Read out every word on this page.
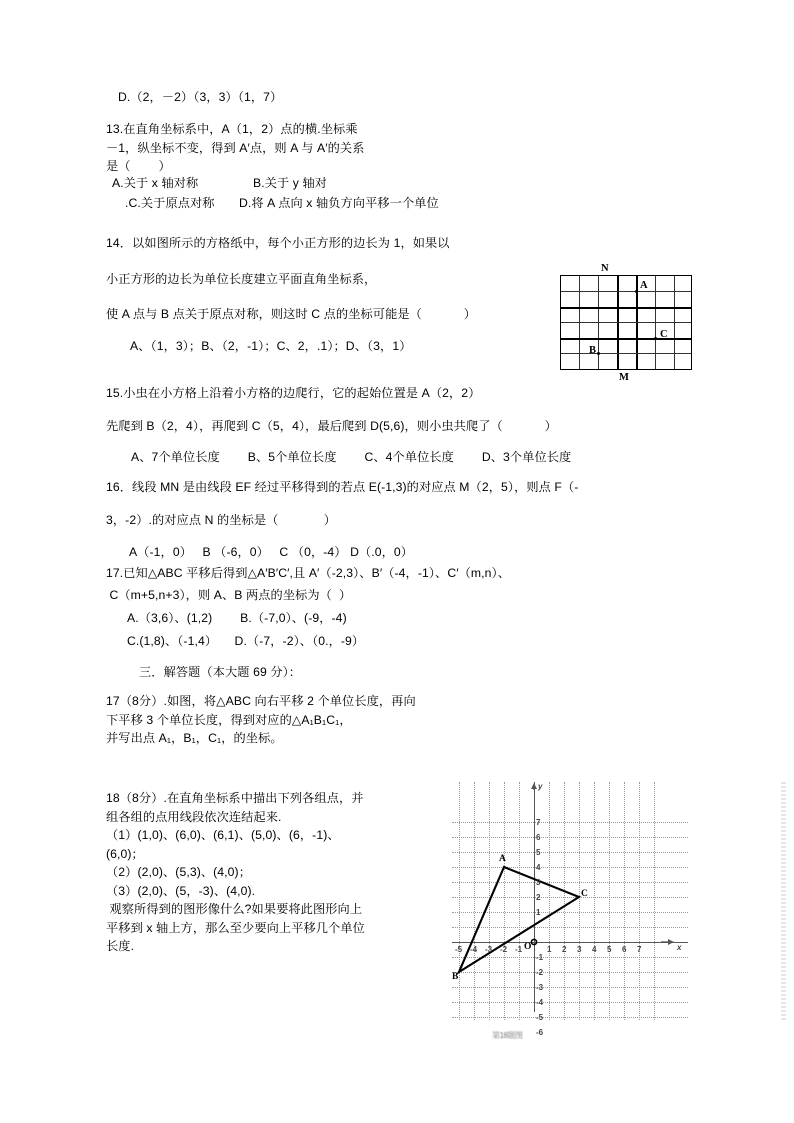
D.（2，－2）（3，3）（1，7）

13.在直角坐标系中，A（1，2）点的横.坐标乘

－1，纵坐标不变，得到 A′点，则 A 与 A′的关系

是（        ）

A.关于 x 轴对称	B.关于 y 轴对
.C.关于原点对称 D.将 A 点向 x 轴负方向平移一个单位
14．以如图所示的方格纸中，每个小正方形的边长为 1，如果以
小正方形的边长为单位长度建立平面直角坐标系，
使 A 点与 B 点关于原点对称，则这时 C 点的坐标可能是（            ）
A、（1，3）；B、（2，-1）；C、2，.1）；D、（3，1）
N
A
B
C
M
15.小虫在小方格上沿着小方格的边爬行，它的起始位置是 A（2，2）
先爬到 B（2，4），再爬到 C（5，4），最后爬到 D(5,6)，则小虫共爬了（            ）
A、7个单位长度        B、5个单位长度        C、4个单位长度        D、3个单位长度
16．线段 MN 是由线段 EF 经过平移得到的若点 E(-1,3)的对应点 M（2，5），则点 F（-
3，-2）.的对应点 N 的坐标是（             ）
A（-1，0）   B （-6，0）   C （0，-4） D（.0，0）
17.已知△ABC 平移后得到△A′B′C′,且 A′（-2,3）、B′（-4，-1）、C′（m,n）、
C（m+5,n+3），则 A、B 两点的坐标为（  ）
A.（3,6）、(1,2)        B.（-7,0）、(-9，-4)
C.(1,8)、（-1,4）     D.（-7，-2）、（0.，-9）
三．解答题（本大题 69 分）：

17（8分）.如图，将△ABC 向右平移 2 个单位长度，再向

下平移 3 个单位长度，得到对应的△A₁B₁C₁，

并写出点 A₁，B₁，C₁，的坐标。

18（8分）.在直角坐标系中描出下列各组点，并

组各组的点用线段依次连结起来.

（1）(1,0)、(6,0)、(6,1)、(5,0)、(6，-1)、

(6,0)；

（2）(2,0)、(5,3)、(4,0)；

（3）(2,0)、(5，-3)、(4,0).

观察所得到的图形像什么?如果要将此图形向上

平移到 x 轴上方，那么至少要向上平移几个单位

长度.	-5 -4 -3 -2 -1	1 2 3 4 5 6 7
7
6
5
4
3
2
1
-1
-2
-3
-4
-5
-6
O	x
y
A
B
C
第18题图
